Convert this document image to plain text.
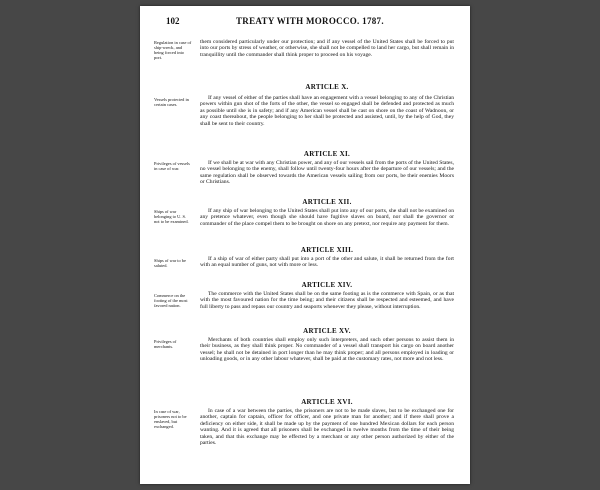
102	TREATY WITH MOROCCO. 1787.
Regulation in case of ship-wreck, and being forced into port.
them considered particularly under our protection; and if any vessel of the United States shall be forced to put into our ports by stress of weather, or otherwise, she shall not be compelled to land her cargo, but shall remain in tranquillity until the commander shall think proper to proceed on his voyage.
ARTICLE X.
Vessels protected in certain cases.
If any vessel of either of the parties shall have an engagement with a vessel belonging to any of the Christian powers within gun shot of the forts of the other, the vessel so engaged shall be defended and protected as much as possible until she is in safety; and if any American vessel shall be cast on shore on the coast of Wadnoon, or any coast thereabout, the people belonging to her shall be protected and assisted, until, by the help of God, they shall be sent to their country.
ARTICLE XI.
Privileges of vessels in case of war.
If we shall be at war with any Christian power, and any of our vessels sail from the ports of the United States, no vessel belonging to the enemy, shall follow until twenty-four hours after the departure of our vessels; and the same regulation shall be observed towards the American vessels sailing from our ports, be their enemies Moors or Christians.
ARTICLE XII.
Ships of war belonging to U. S. not to be examined.
If any ship of war belonging to the United States shall put into any of our ports, she shall not be examined on any pretence whatever, even though she should have fugitive slaves on board, nor shall the governor or commander of the place compel them to be brought on shore on any pretext, nor require any payment for them.
ARTICLE XIII.
Ships of war to be saluted.
If a ship of war of either party shall put into a port of the other and salute, it shall be returned from the fort with an equal number of guns, not with more or less.
ARTICLE XIV.
Commerce on the footing of the most favored nation.
The commerce with the United States shall be on the same footing as is the commerce with Spain, or as that with the most favoured nation for the time being; and their citizens shall be respected and esteemed, and have full liberty to pass and repass our country and seaports whenever they please, without interruption.
ARTICLE XV.
Privileges of merchants.
Merchants of both countries shall employ only such interpreters, and such other persons to assist them in their business, as they shall think proper. No commander of a vessel shall transport his cargo on board another vessel; he shall not be detained in port longer than he may think proper; and all persons employed in loading or unloading goods, or in any other labour whatever, shall be paid at the customary rates, not more and not less.
ARTICLE XVI.
In case of war, prisoners not to be enslaved, but exchanged.
In case of a war between the parties, the prisoners are not to be made slaves, but to be exchanged one for another, captain for captain, officer for officer, and one private man for another; and if there shall prove a deficiency on either side, it shall be made up by the payment of one hundred Mexican dollars for each person wanting. And it is agreed that all prisoners shall be exchanged in twelve months from the time of their being taken, and that this exchange may be effected by a merchant or any other person authorized by either of the parties.
